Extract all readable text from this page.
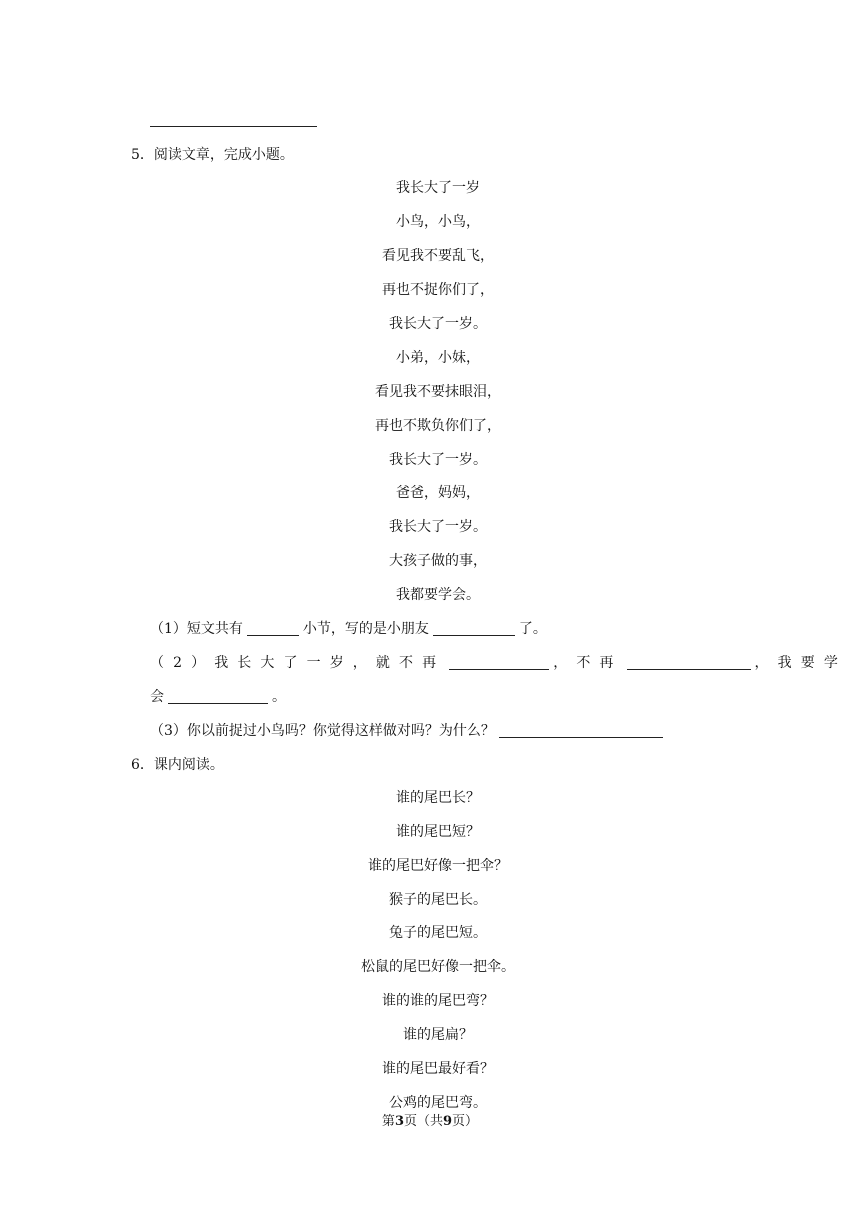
5．阅读文章，完成小题。
我长大了一岁
小鸟，小鸟，
看见我不要乱飞，
再也不捉你们了，
我长大了一岁。
小弟，小妹，
看见我不要抹眼泪，
再也不欺负你们了，
我长大了一岁。
爸爸，妈妈，
我长大了一岁。
大孩子做的事，
我都要学会。
（1）短文共有	小节，写的是小朋友	了。
（2）我长大了一岁，就不再	，不再	，我要学
会	。
（3）你以前捉过小鸟吗？你觉得这样做对吗？为什么？
6．课内阅读。
谁的尾巴长？
谁的尾巴短？
谁的尾巴好像一把伞？
猴子的尾巴长。
兔子的尾巴短。
松鼠的尾巴好像一把伞。
谁的谁的尾巴弯？
谁的尾扁？
谁的尾巴最好看？
公鸡的尾巴弯。
第3页（共9页）
